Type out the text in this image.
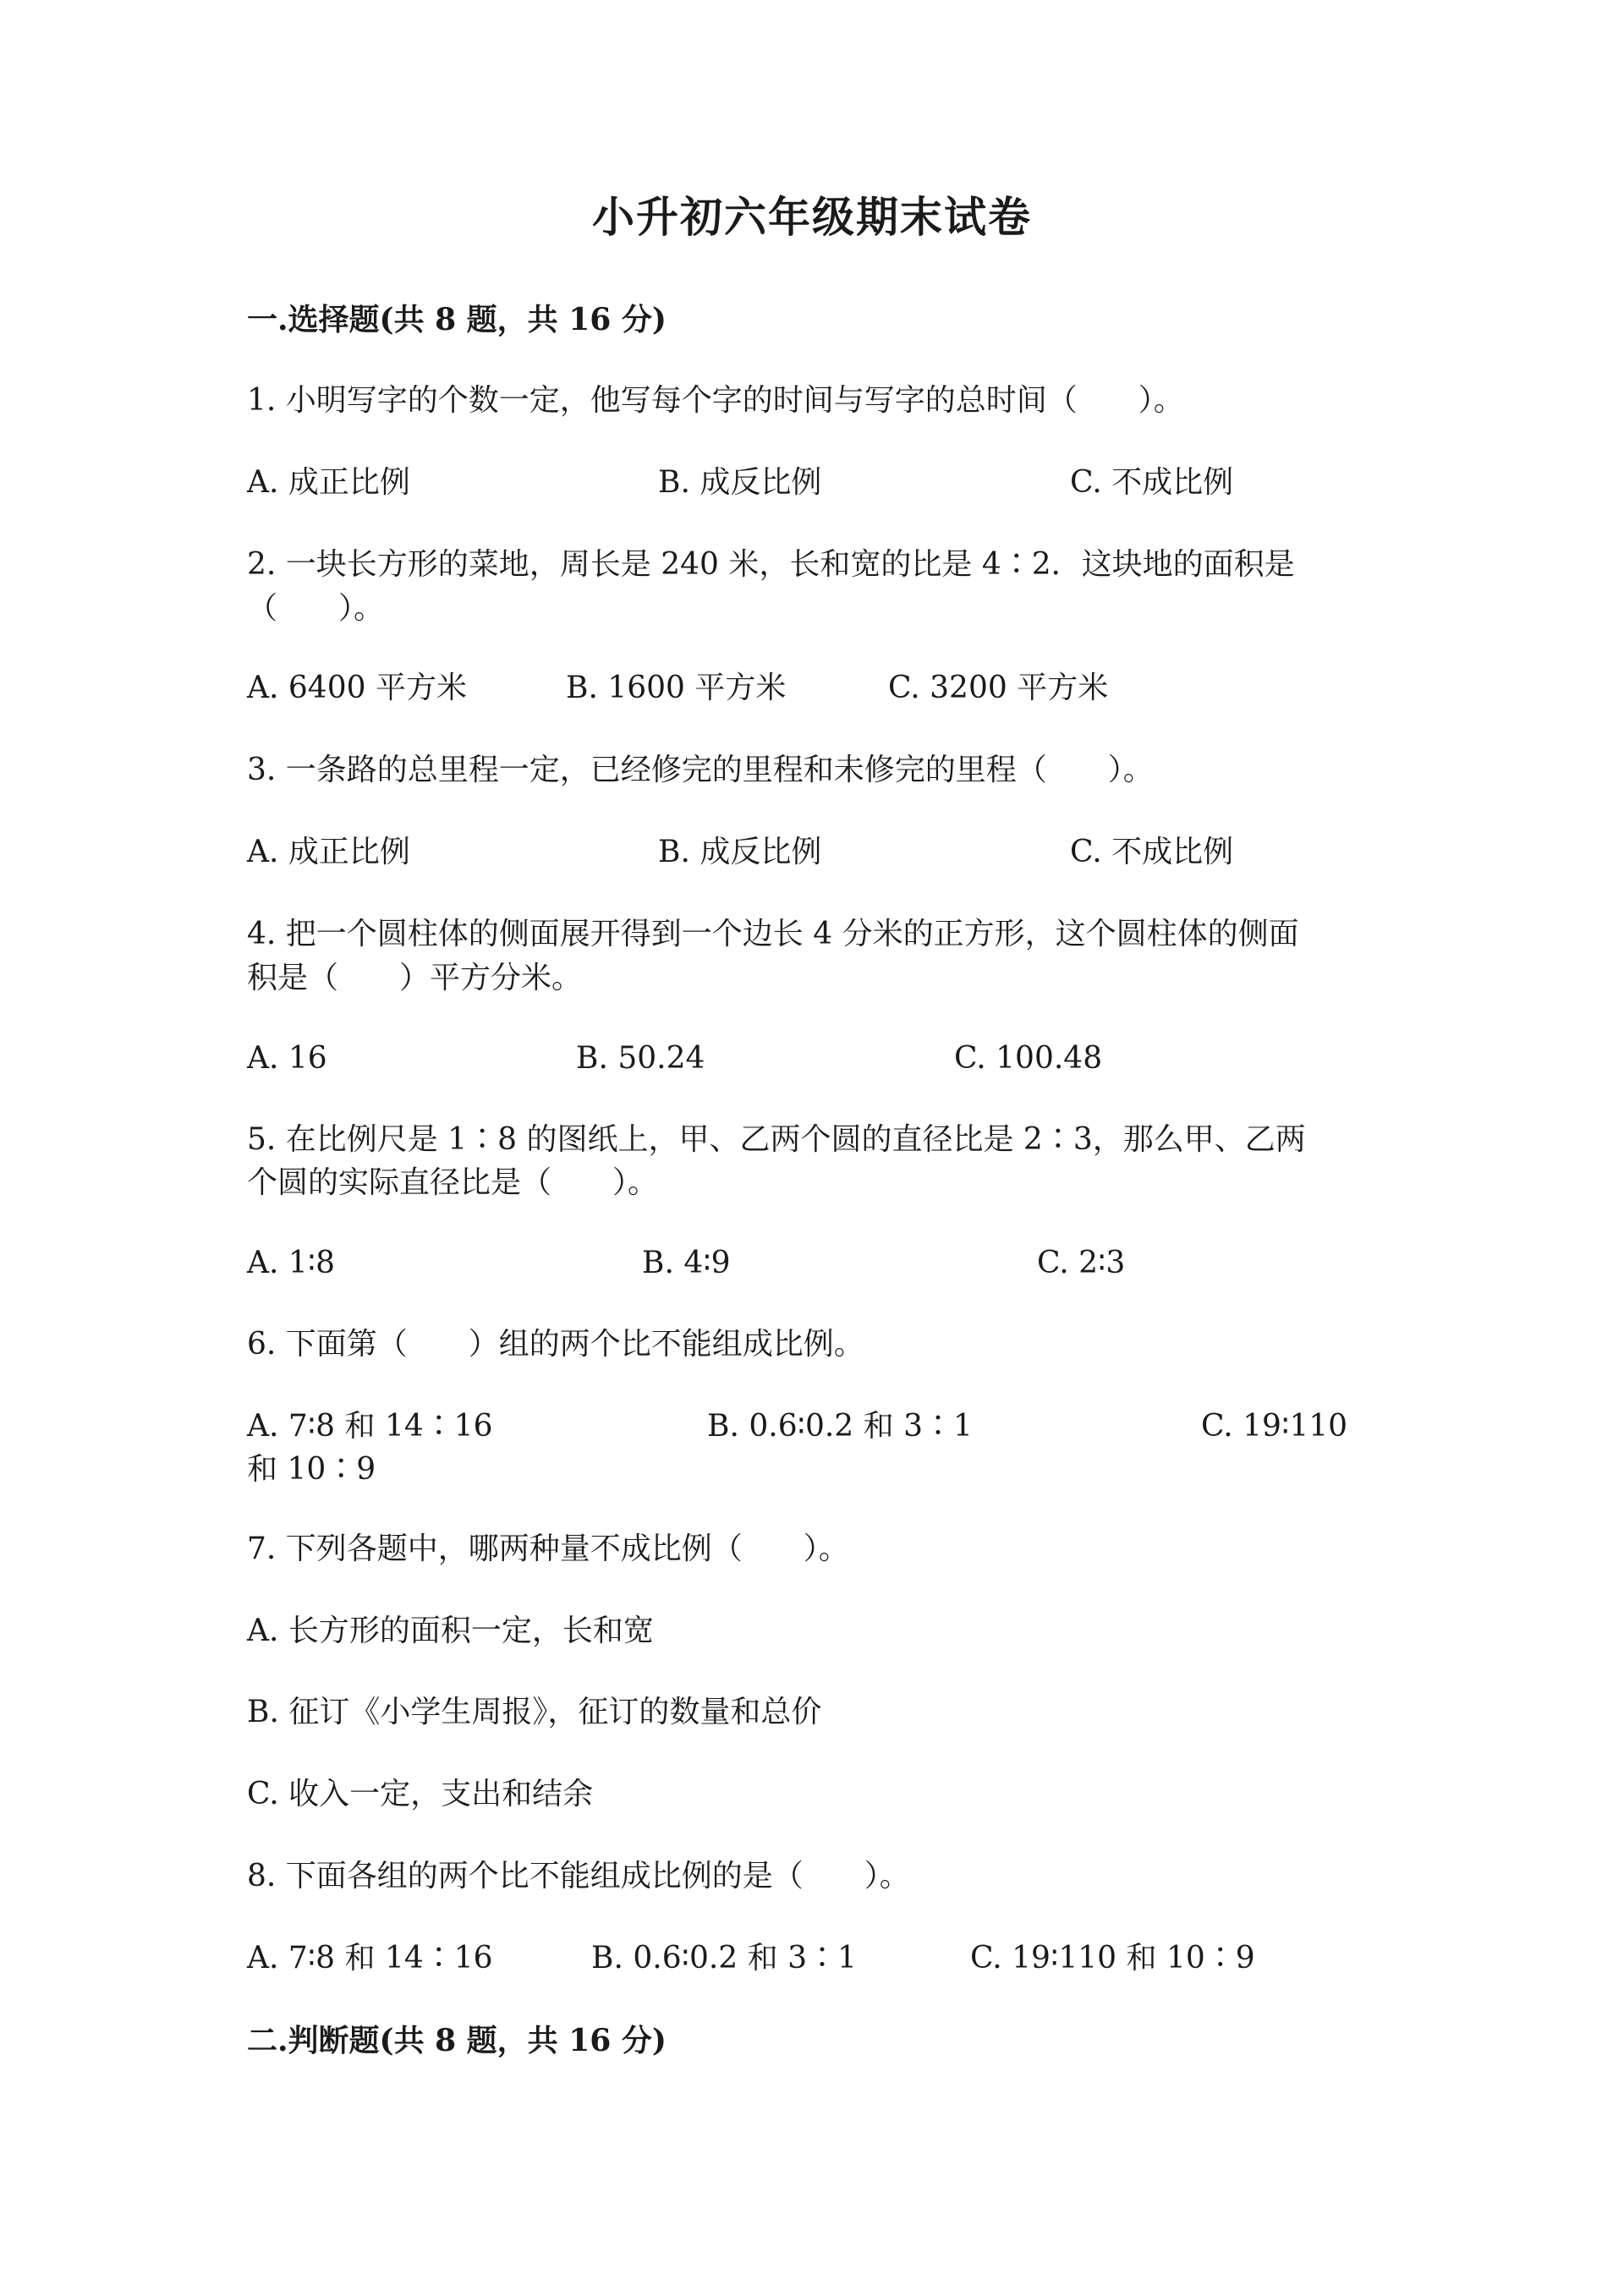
小升初六年级期末试卷
一.选择题(共 8 题，共 16 分)
1. 小明写字的个数一定，他写每个字的时间与写字的总时间（　　）。
A. 成正比例	B. 成反比例	C. 不成比例
2. 一块长方形的菜地，周长是 240 米，长和宽的比是 4∶2．这块地的面积是
（　　）。
A. 6400 平方米	B. 1600 平方米	C. 3200 平方米
3. 一条路的总里程一定，已经修完的里程和未修完的里程（　　）。
A. 成正比例	B. 成反比例	C. 不成比例
4. 把一个圆柱体的侧面展开得到一个边长 4 分米的正方形，这个圆柱体的侧面
积是（　　）平方分米。
A. 16	B. 50.24	C. 100.48
5. 在比例尺是 1∶8 的图纸上，甲、乙两个圆的直径比是 2∶3，那么甲、乙两
个圆的实际直径比是（　　）。
A. 1∶8	B. 4∶9	C. 2∶3
6. 下面第（　　）组的两个比不能组成比例。
A. 7∶8 和 14∶16	B. 0.6∶0.2 和 3∶1	C. 19∶110
和 10∶9
7. 下列各题中，哪两种量不成比例（　　）。
A. 长方形的面积一定，长和宽
B. 征订《小学生周报》，征订的数量和总价
C. 收入一定，支出和结余
8. 下面各组的两个比不能组成比例的是（　　）。
A. 7∶8 和 14∶16	B. 0.6∶0.2 和 3∶1	C. 19∶110 和 10∶9
二.判断题(共 8 题，共 16 分)
